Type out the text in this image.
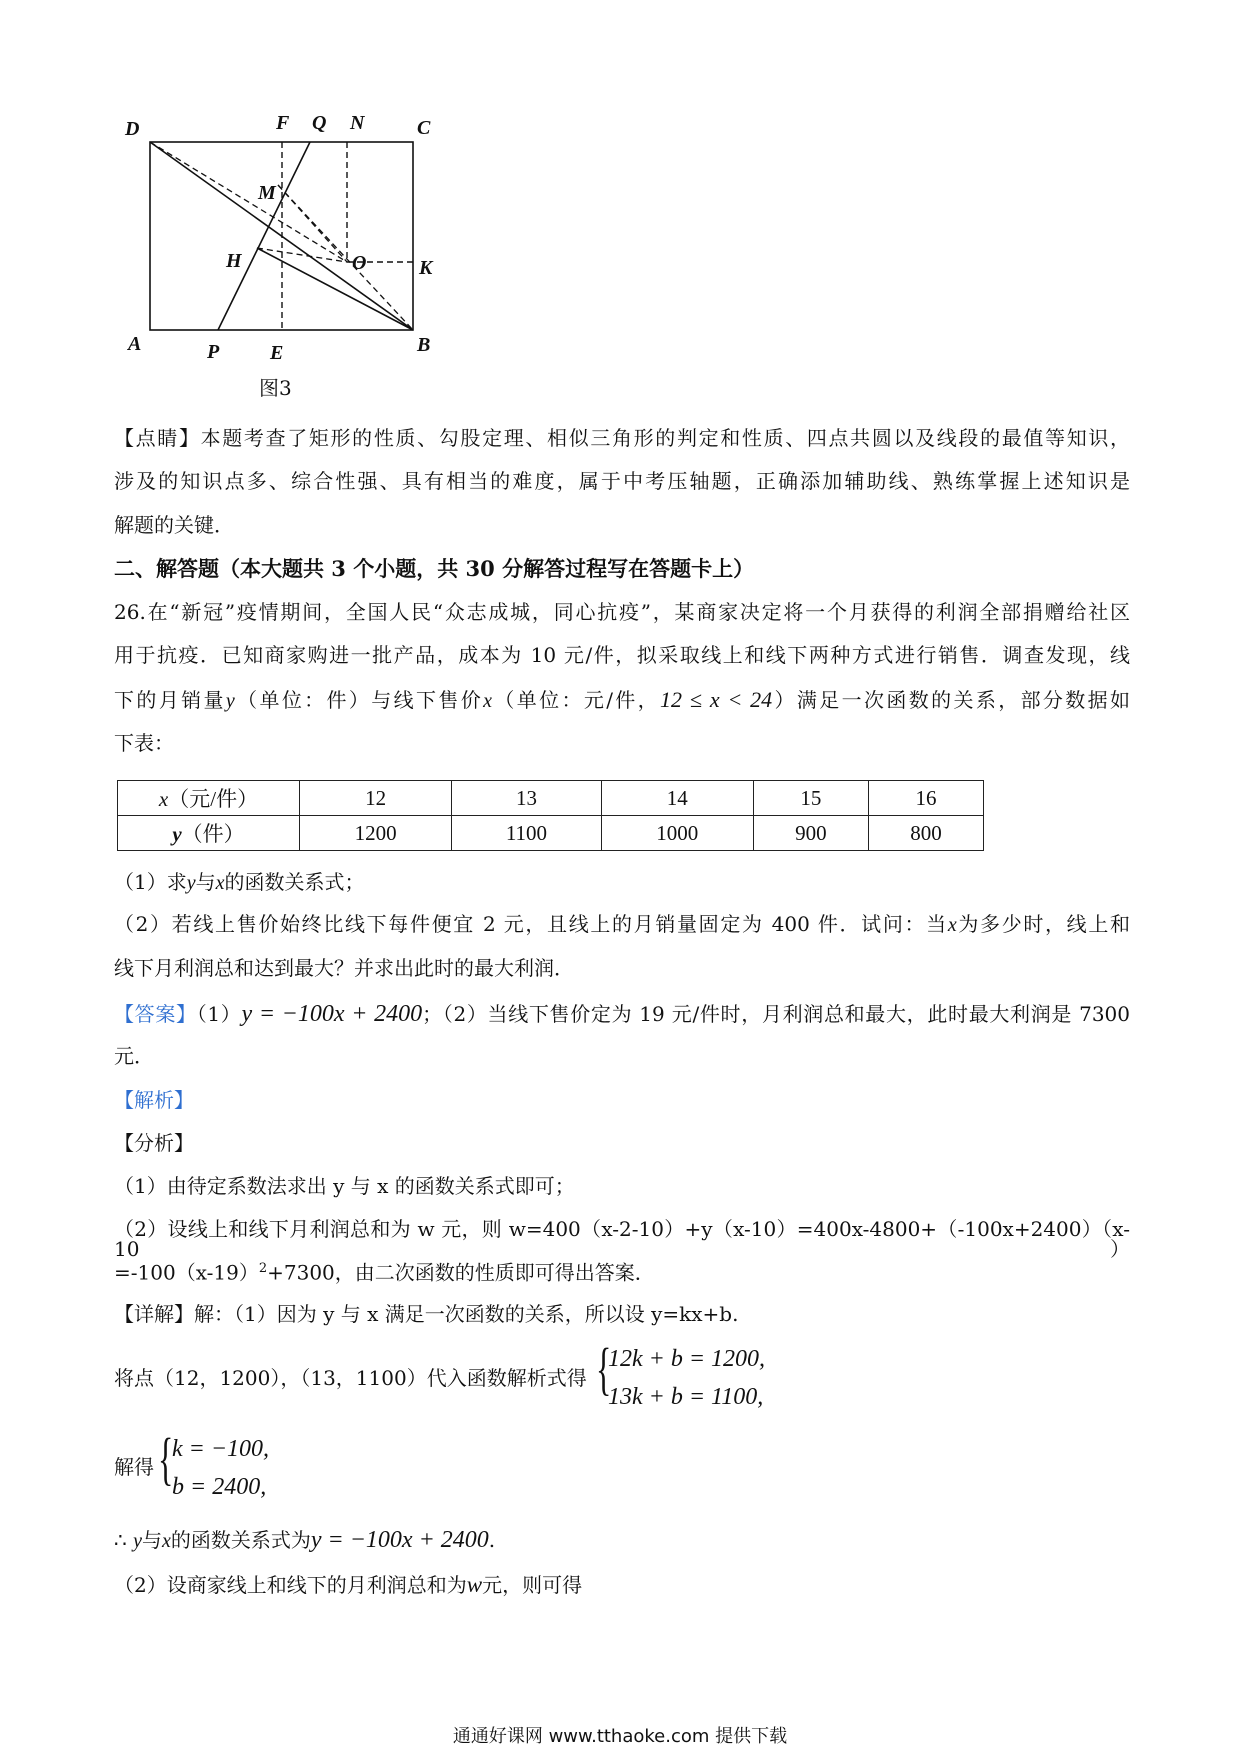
D	F Q N	C
M
H	O	K
A	P	E	B
图3
【点睛】本题考查了矩形的性质、勾股定理、相似三角形的判定和性质、四点共圆以及线段的最值等知识，
涉及的知识点多、综合性强、具有相当的难度，属于中考压轴题，正确添加辅助线、熟练掌握上述知识是
解题的关键．
二、解答题（本大题共 3 个小题，共 30 分解答过程写在答题卡上）
26.在“新冠”疫情期间，全国人民“众志成城，同心抗疫”，某商家决定将一个月获得的利润全部捐赠给社区
用于抗疫．已知商家购进一批产品，成本为 10 元/件，拟采取线上和线下两种方式进行销售．调查发现，线
下的月销量y（单位：件）与线下售价x（单位：元/件，12 ≤ x < 24）满足一次函数的关系，部分数据如
下表：
x（元/件）	12	13	14	15	16
y（件）	1200	1100	1000	900	800
（1）求y与x的函数关系式；
（2）若线上售价始终比线下每件便宜 2 元，且线上的月销量固定为 400 件．试问：当x为多少时，线上和
线下月利润总和达到最大？并求出此时的最大利润．
【答案】（1）y = −100x + 2400；（2）当线下售价定为 19 元/件时，月利润总和最大，此时最大利润是 7300
元．
【解析】
【分析】
（1）由待定系数法求出 y 与 x 的函数关系式即可；
（2）设线上和线下月利润总和为 w 元，则 w=400（x-2-10）+y（x-10）=400x-4800+（-100x+2400）（x-10）
$=-100(x-19)^2+7300$，由二次函数的性质即可得出答案．
【详解】解：（1）因为 y 与 x 满足一次函数的关系，所以设 y=kx+b.
将点（12，1200），（13，1100）代入函数解析式得 {
12k + b = 1200,
13k + b = 1100,
解得 {
k = −100,
b = 2400,
∴ y与x的函数关系式为y = −100x + 2400.
（2）设商家线上和线下的月利润总和为w元，则可得
通通好课网 www.tthaoke.com 提供下载
